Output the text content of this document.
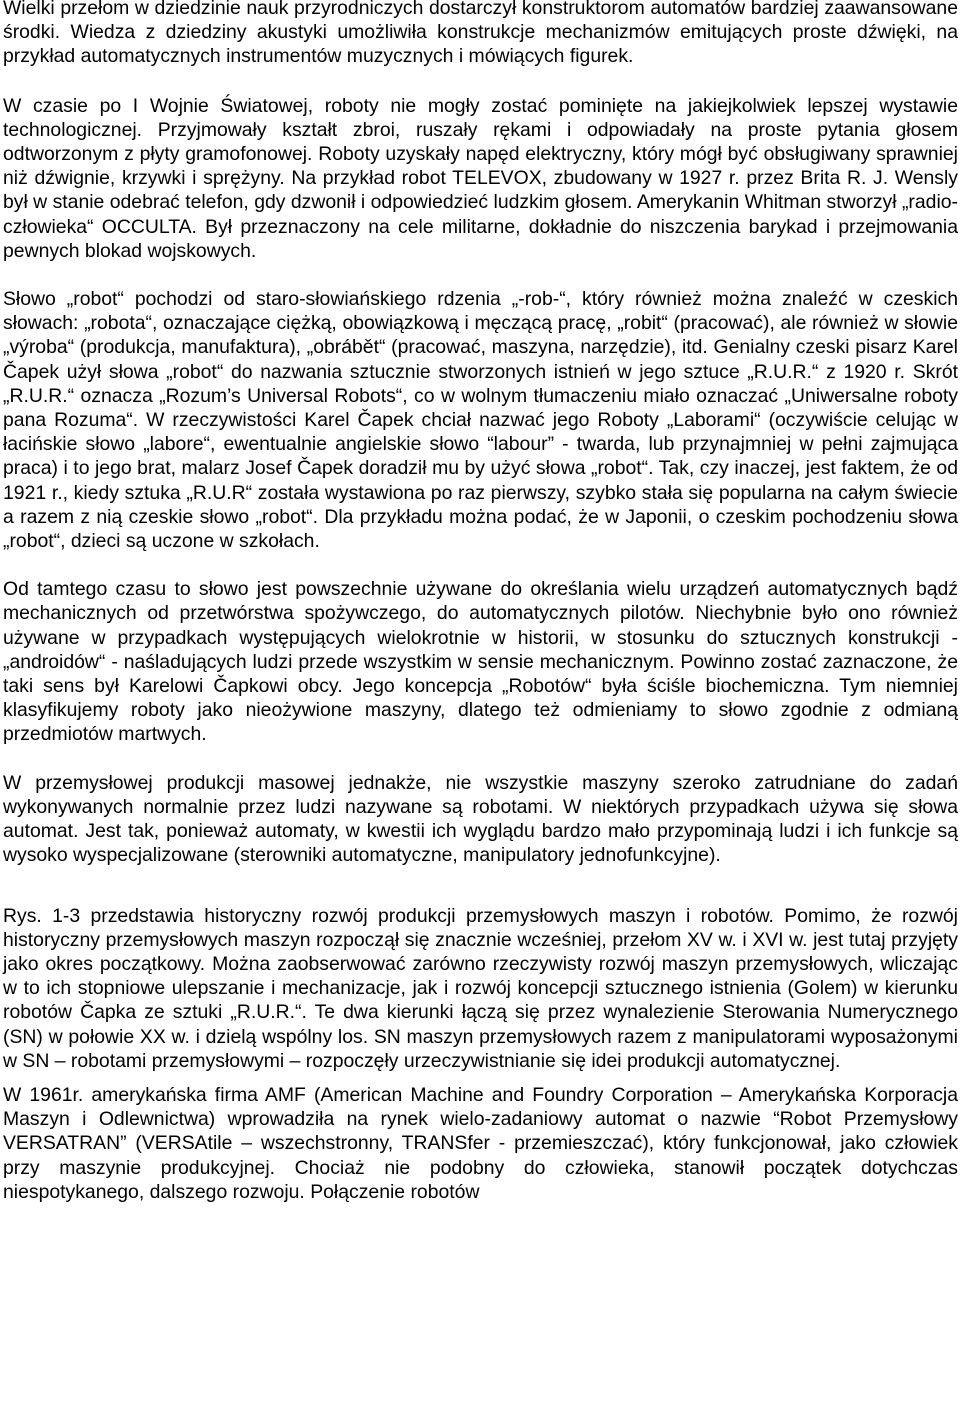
Wielki przełom w dziedzinie nauk przyrodniczych dostarczył konstruktorom automatów bardziej zaawansowane środki. Wiedza z dziedziny akustyki umożliwiła konstrukcje mechanizmów emitujących proste dźwięki, na przykład automatycznych instrumentów muzycznych i mówiących figurek.

W czasie po I Wojnie Światowej, roboty nie mogły zostać pominięte na jakiejkolwiek lepszej wystawie technologicznej. Przyjmowały kształt zbroi, ruszały rękami i odpowiadały na proste pytania głosem odtworzonym z płyty gramofonowej. Roboty uzyskały napęd elektryczny, który mógł być obsługiwany sprawniej niż dźwignie, krzywki i sprężyny. Na przykład robot TELEVOX, zbudowany w 1927 r. przez Brita R. J. Wensly był w stanie odebrać telefon, gdy dzwonił i odpowiedzieć ludzkim głosem. Amerykanin Whitman stworzył „radio-człowieka“ OCCULTA. Był przeznaczony na cele militarne, dokładnie do niszczenia barykad i przejmowania pewnych blokad wojskowych.

Słowo „robot“ pochodzi od staro-słowiańskiego rdzenia „-rob-“, który również można znaleźć w czeskich słowach: „robota“, oznaczające ciężką, obowiązkową i męczącą pracę, „robit“ (pracować), ale również w słowie „výroba“ (produkcja, manufaktura), „obrábět“ (pracować, maszyna, narzędzie), itd. Genialny czeski pisarz Karel Čapek użył słowa „robot“ do nazwania sztucznie stworzonych istnień w jego sztuce „R.U.R.“ z 1920 r. Skrót „R.U.R.“ oznacza „Rozum’s Universal Robots“, co w wolnym tłumaczeniu miało oznaczać „Uniwersalne roboty pana Rozuma“. W rzeczywistości Karel Čapek chciał nazwać jego Roboty „Laborami“ (oczywiście celując w łacińskie słowo „labore“, ewentualnie angielskie słowo “labour” - twarda, lub przynajmniej w pełni zajmująca praca) i to jego brat, malarz Josef Čapek doradził mu by użyć słowa „robot“. Tak, czy inaczej, jest faktem, że od 1921 r., kiedy sztuka „R.U.R“ została wystawiona po raz pierwszy, szybko stała się popularna na całym świecie a razem z nią czeskie słowo „robot“. Dla przykładu można podać, że w Japonii, o czeskim pochodzeniu słowa „robot“, dzieci są uczone w szkołach.

Od tamtego czasu to słowo jest powszechnie używane do określania wielu urządzeń automatycznych bądź mechanicznych od przetwórstwa spożywczego, do automatycznych pilotów. Niechybnie było ono również używane w przypadkach występujących wielokrotnie w historii, w stosunku do sztucznych konstrukcji - „androidów“ - naśladujących ludzi przede wszystkim w sensie mechanicznym. Powinno zostać zaznaczone, że taki sens był Karelowi Čapkowi obcy. Jego koncepcja „Robotów“ była ściśle biochemiczna. Tym niemniej klasyfikujemy roboty jako nieożywione maszyny, dlatego też odmieniamy to słowo zgodnie z odmianą przedmiotów martwych.

W przemysłowej produkcji masowej jednakże, nie wszystkie maszyny szeroko zatrudniane do zadań wykonywanych normalnie przez ludzi nazywane są robotami. W niektórych przypadkach używa się słowa automat. Jest tak, ponieważ automaty, w kwestii ich wyglądu bardzo mało przypominają ludzi i ich funkcje są wysoko wyspecjalizowane (sterowniki automatyczne, manipulatory jednofunkcyjne).

Rys. 1-3 przedstawia historyczny rozwój produkcji przemysłowych maszyn i robotów. Pomimo, że rozwój historyczny przemysłowych maszyn rozpoczął się znacznie wcześniej, przełom XV w. i XVI w. jest tutaj przyjęty jako okres początkowy. Można zaobserwować zarówno rzeczywisty rozwój maszyn przemysłowych, wliczając w to ich stopniowe ulepszanie i mechanizacje, jak i rozwój koncepcji sztucznego istnienia (Golem) w kierunku robotów Čapka ze sztuki „R.U.R.“. Te dwa kierunki łączą się przez wynalezienie Sterowania Numerycznego (SN) w połowie XX w. i dzielą wspólny los. SN maszyn przemysłowych razem z manipulatorami wyposażonymi w SN – robotami przemysłowymi – rozpoczęły urzeczywistnianie się idei produkcji automatycznej.

W 1961r. amerykańska firma AMF (American Machine and Foundry Corporation – Amerykańska Korporacja Maszyn i Odlewnictwa) wprowadziła na rynek wielo-zadaniowy automat o nazwie “Robot Przemysłowy VERSATRAN” (VERSAtile – wszechstronny, TRANSfer - przemieszczać), który funkcjonował, jako człowiek przy maszynie produkcyjnej. Chociaż nie podobny do człowieka, stanowił początek dotychczas niespotykanego, dalszego rozwoju. Połączenie robotów
